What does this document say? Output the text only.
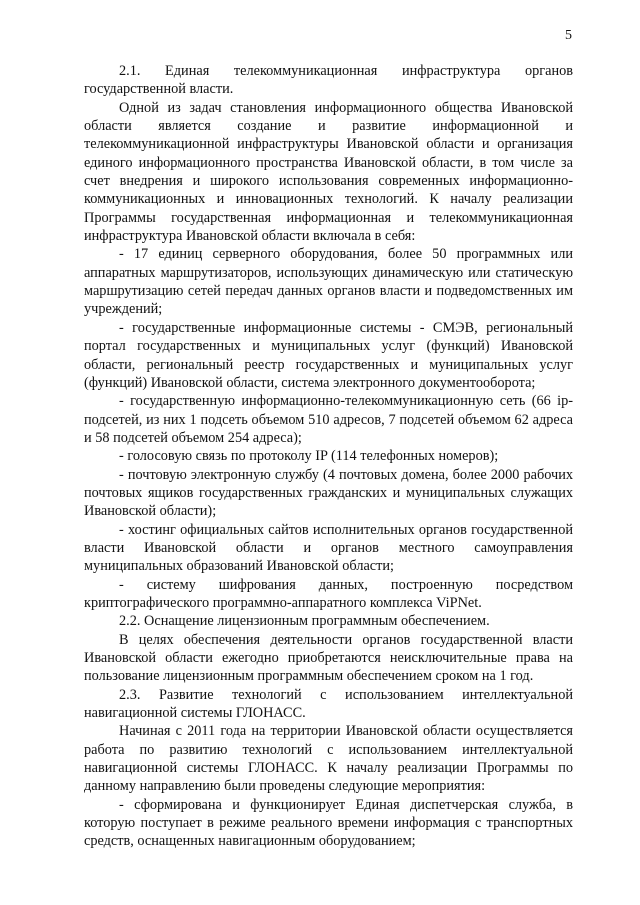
5

2.1. Единая телекоммуникационная инфраструктура органов государственной власти.

Одной из задач становления информационного общества Ивановской области является создание и развитие информационной и телекоммуникационной инфраструктуры Ивановской области и организация единого информационного пространства Ивановской области, в том числе за счет внедрения и широкого использования современных информационно-коммуникационных и инновационных технологий. К началу реализации Программы государственная информационная и телекоммуникационная инфраструктура Ивановской области включала в себя:

- 17 единиц серверного оборудования, более 50 программных или аппаратных маршрутизаторов, использующих динамическую или статическую маршрутизацию сетей передач данных органов власти и подведомственных им учреждений;

- государственные информационные системы - СМЭВ, региональный портал государственных и муниципальных услуг (функций) Ивановской области, региональный реестр государственных и муниципальных услуг (функций) Ивановской области, система электронного документооборота;

- государственную информационно-телекоммуникационную сеть (66 ip-подсетей, из них 1 подсеть объемом 510 адресов, 7 подсетей объемом 62 адреса и 58 подсетей объемом 254 адреса);

- голосовую связь по протоколу IP (114 телефонных номеров);

- почтовую электронную службу (4 почтовых домена, более 2000 рабочих почтовых ящиков государственных гражданских и муниципальных служащих Ивановской области);

- хостинг официальных сайтов исполнительных органов государственной власти Ивановской области и органов местного самоуправления муниципальных образований Ивановской области;

- систему шифрования данных, построенную посредством криптографического программно-аппаратного комплекса ViPNet.

2.2. Оснащение лицензионным программным обеспечением.

В целях обеспечения деятельности органов государственной власти Ивановской области ежегодно приобретаются неисключительные права на пользование лицензионным программным обеспечением сроком на 1 год.

2.3. Развитие технологий с использованием интеллектуальной навигационной системы ГЛОНАСС.

Начиная с 2011 года на территории Ивановской области осуществляется работа по развитию технологий с использованием интеллектуальной навигационной системы ГЛОНАСС. К началу реализации Программы по данному направлению были проведены следующие мероприятия:

- сформирована и функционирует Единая диспетчерская служба, в которую поступает в режиме реального времени информация с транспортных средств, оснащенных навигационным оборудованием;
